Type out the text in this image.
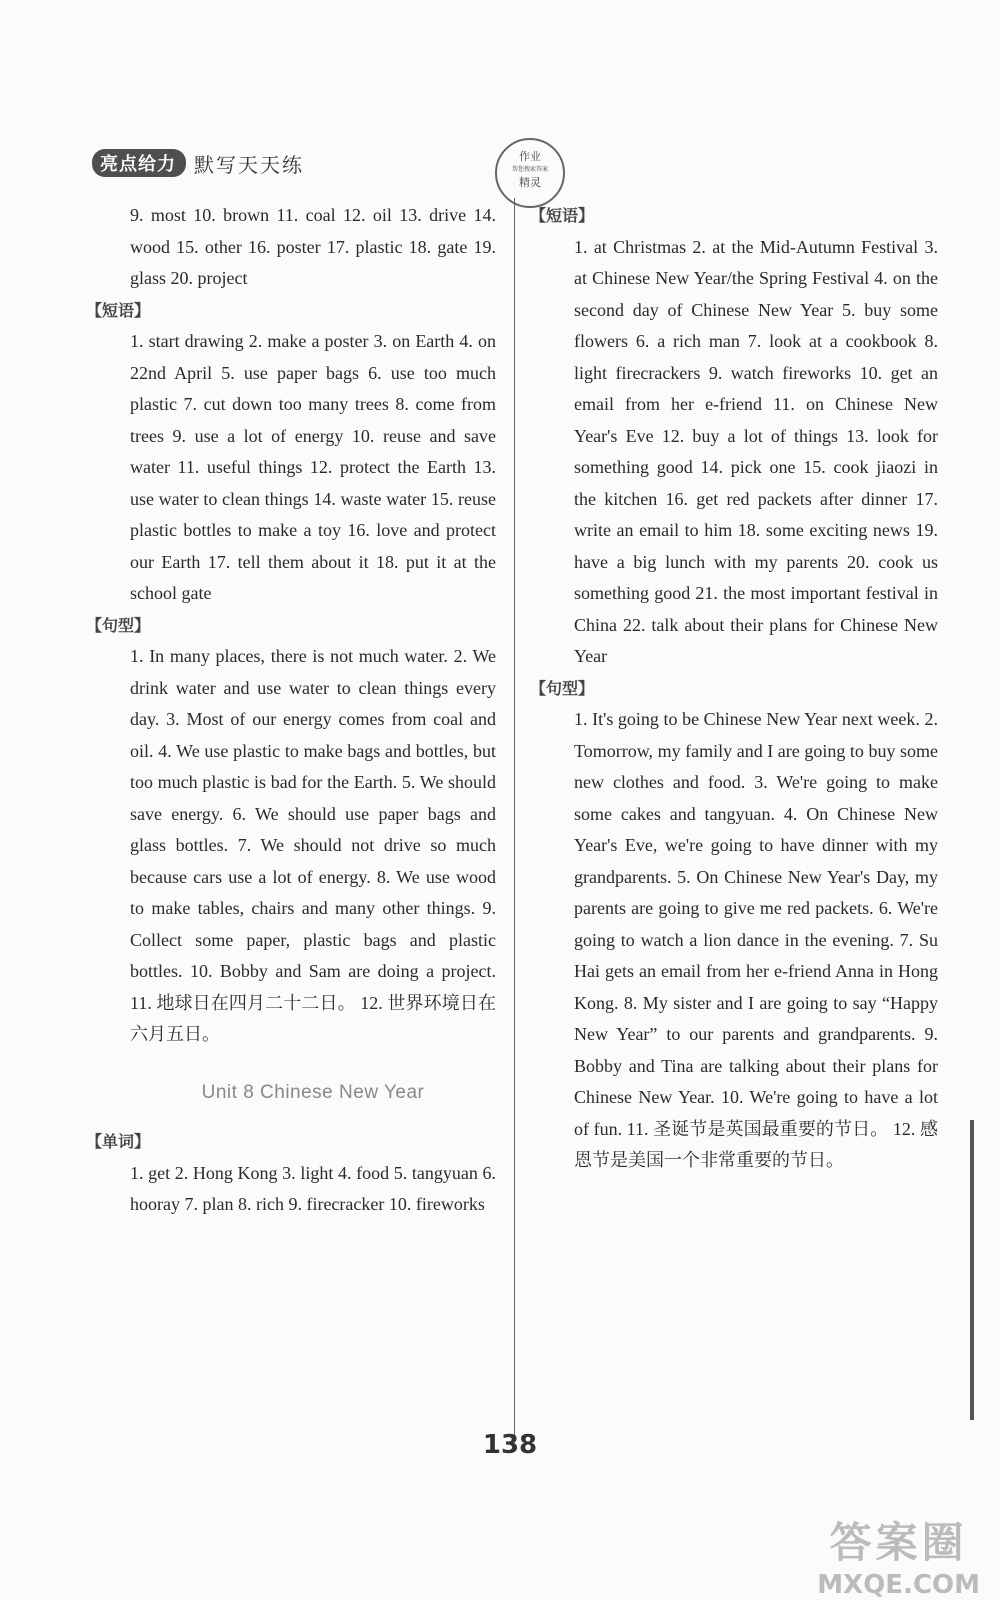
亮点给力 默写天天练	作业
帮您搜索答案
精灵

9. most 10. brown 11. coal 12. oil 13. drive 14. wood 15. other 16. poster 17. plastic 18. gate 19. glass 20. project

【短语】

1. start drawing 2. make a poster 3. on Earth 4. on 22nd April 5. use paper bags 6. use too much plastic 7. cut down too many trees 8. come from trees 9. use a lot of energy 10. reuse and save water 11. useful things 12. protect the Earth 13. use water to clean things 14. waste water 15. reuse plastic bottles to make a toy 16. love and protect our Earth 17. tell them about it 18. put it at the school gate

【句型】

1. In many places, there is not much water. 2. We drink water and use water to clean things every day. 3. Most of our energy comes from coal and oil. 4. We use plastic to make bags and bottles, but too much plastic is bad for the Earth. 5. We should save energy. 6. We should use paper bags and glass bottles. 7. We should not drive so much because cars use a lot of energy. 8. We use wood to make tables, chairs and many other things. 9. Collect some paper, plastic bags and plastic bottles. 10. Bobby and Sam are doing a project. 11. 地球日在四月二十二日。 12. 世界环境日在六月五日。

Unit 8 Chinese New Year
【单词】

1. get 2. Hong Kong 3. light 4. food 5. tangyuan 6. hooray 7. plan 8. rich 9. firecracker 10. fireworks

【短语】

1. at Christmas 2. at the Mid-Autumn Festival 3. at Chinese New Year/the Spring Festival 4. on the second day of Chinese New Year 5. buy some flowers 6. a rich man 7. look at a cookbook 8. light firecrackers 9. watch fireworks 10. get an email from her e-friend 11. on Chinese New Year's Eve 12. buy a lot of things 13. look for something good 14. pick one 15. cook jiaozi in the kitchen 16. get red packets after dinner 17. write an email to him 18. some exciting news 19. have a big lunch with my parents 20. cook us something good 21. the most important festival in China 22. talk about their plans for Chinese New Year

【句型】

1. It's going to be Chinese New Year next week. 2. Tomorrow, my family and I are going to buy some new clothes and food. 3. We're going to make some cakes and tangyuan. 4. On Chinese New Year's Eve, we're going to have dinner with my grandparents. 5. On Chinese New Year's Day, my parents are going to give me red packets. 6. We're going to watch a lion dance in the evening. 7. Su Hai gets an email from her e-friend Anna in Hong Kong. 8. My sister and I are going to say “Happy New Year” to our parents and grandparents. 9. Bobby and Tina are talking about their plans for Chinese New Year. 10. We're going to have a lot of fun. 11. 圣诞节是英国最重要的节日。 12. 感恩节是美国一个非常重要的节日。

138
答案圈
MXQE.COM
